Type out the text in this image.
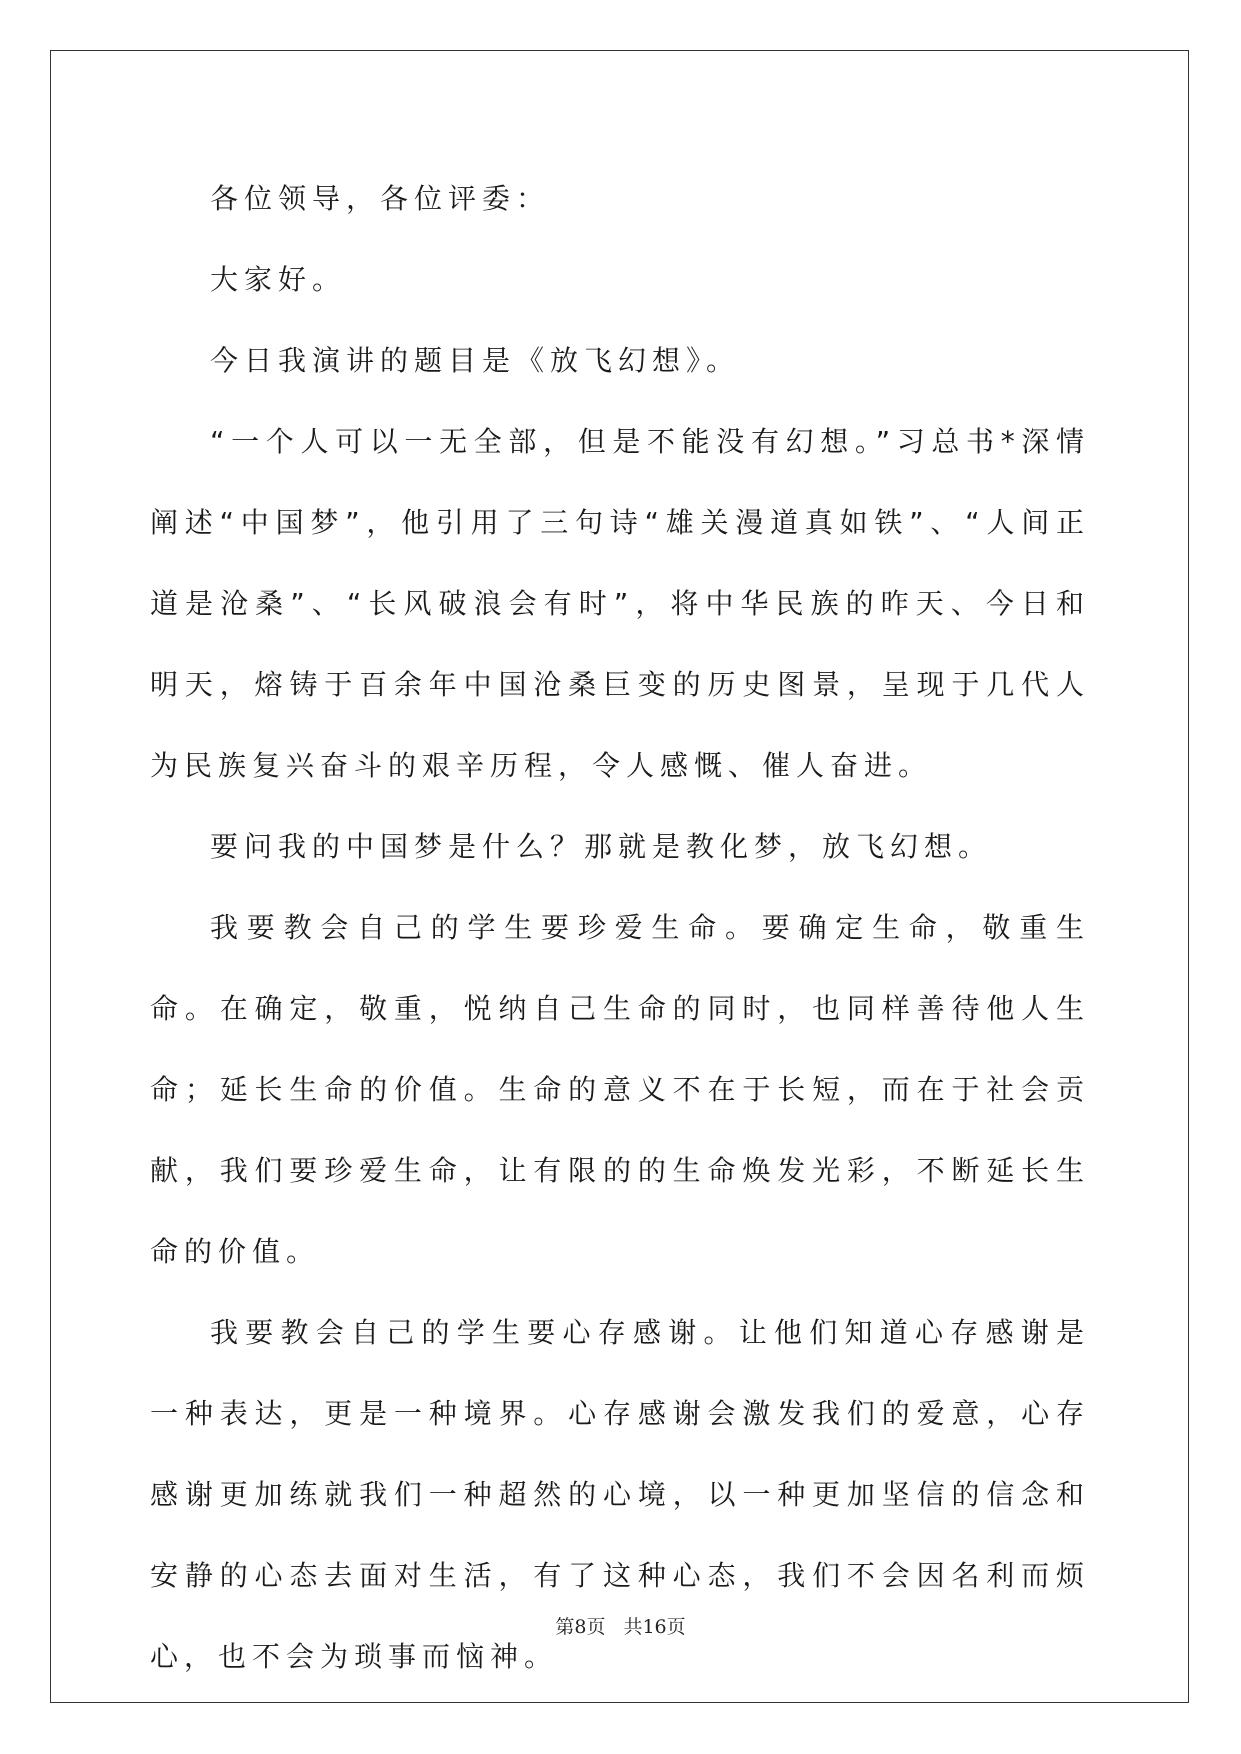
各位领导，各位评委：

大家好。

今日我演讲的题目是《放飞幻想》。

“一个人可以一无全部，但是不能没有幻想。”习总书*深情阐述“中国梦”，他引用了三句诗“雄关漫道真如铁”、“人间正道是沧桑”、“长风破浪会有时”，将中华民族的昨天、今日和明天，熔铸于百余年中国沧桑巨变的历史图景，呈现于几代人为民族复兴奋斗的艰辛历程，令人感慨、催人奋进。

要问我的中国梦是什么？那就是教化梦，放飞幻想。

我要教会自己的学生要珍爱生命。要确定生命，敬重生命。在确定，敬重，悦纳自己生命的同时，也同样善待他人生命；延长生命的价值。生命的意义不在于长短，而在于社会贡献，我们要珍爱生命，让有限的的生命焕发光彩，不断延长生命的价值。

我要教会自己的学生要心存感谢。让他们知道心存感谢是一种表达，更是一种境界。心存感谢会激发我们的爱意，心存感谢更加练就我们一种超然的心境，以一种更加坚信的信念和安静的心态去面对生活，有了这种心态，我们不会因名利而烦心，也不会为琐事而恼神。

第8页 共16页
